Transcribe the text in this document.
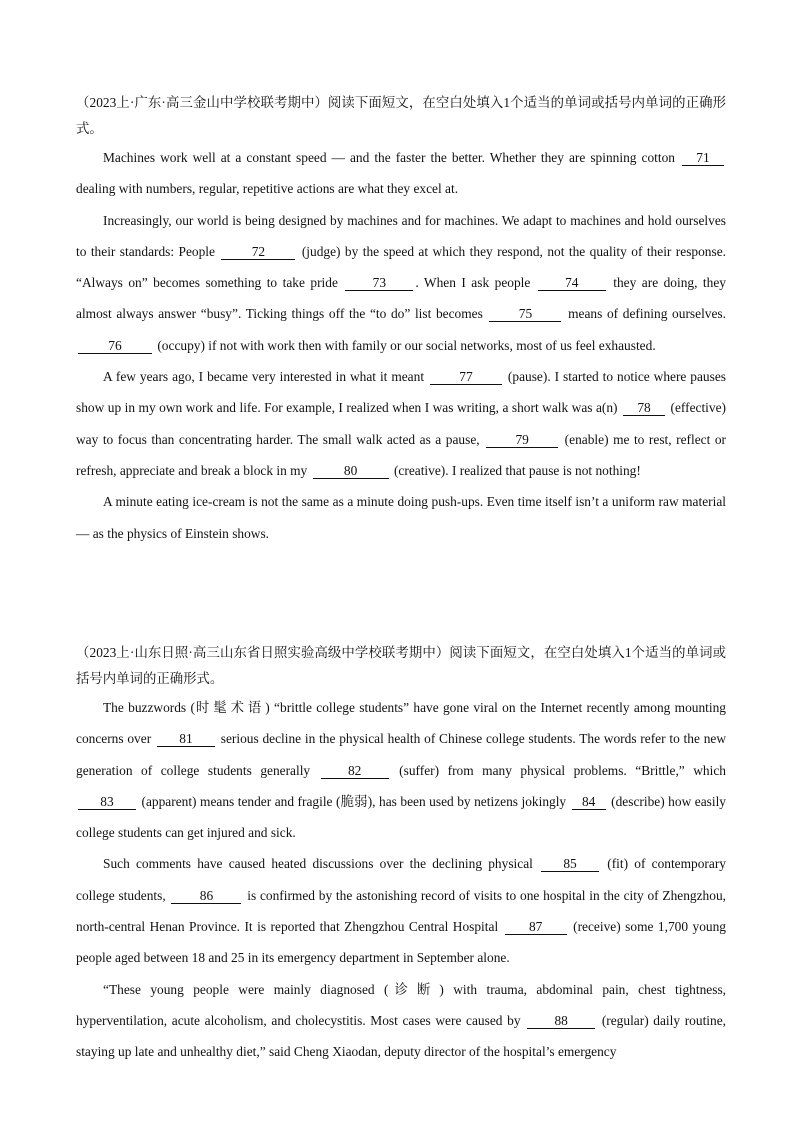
（2023上·广东·高三金山中学校联考期中）阅读下面短文，在空白处填入1个适当的单词或括号内单词的正确形式。

Machines work well at a constant speed — and the faster the better. Whether they are spinning cotton 71 dealing with numbers, regular, repetitive actions are what they excel at.

Increasingly, our world is being designed by machines and for machines. We adapt to machines and hold ourselves to their standards: People 72 (judge) by the speed at which they respond, not the quality of their response. “Always on” becomes something to take pride 73 . When I ask people 74 they are doing, they almost always answer “busy”. Ticking things off the “to do” list becomes 75 means of defining ourselves. 76 (occupy) if not with work then with family or our social networks, most of us feel exhausted.

A few years ago, I became very interested in what it meant 77 (pause). I started to notice where pauses show up in my own work and life. For example, I realized when I was writing, a short walk was a(n) 78 (effective) way to focus than concentrating harder. The small walk acted as a pause, 79 (enable) me to rest, reflect or refresh, appreciate and break a block in my 80 (creative). I realized that pause is not nothing!

A minute eating ice-cream is not the same as a minute doing push-ups. Even time itself isn’t a uniform raw material — as the physics of Einstein shows.

（2023上·山东日照·高三山东省日照实验高级中学校联考期中）阅读下面短文，在空白处填入1个适当的单词或括号内单词的正确形式。

The buzzwords (时髦术语) “brittle college students” have gone viral on the Internet recently among mounting concerns over 81 serious decline in the physical health of Chinese college students. The words refer to the new generation of college students generally 82 (suffer) from many physical problems. “Brittle,” which 83 (apparent) means tender and fragile (脆弱), has been used by netizens jokingly 84 (describe) how easily college students can get injured and sick.

Such comments have caused heated discussions over the declining physical 85 (fit) of contemporary college students, 86 is confirmed by the astonishing record of visits to one hospital in the city of Zhengzhou, north-central Henan Province. It is reported that Zhengzhou Central Hospital 87 (receive) some 1,700 young people aged between 18 and 25 in its emergency department in September alone.

“These young people were mainly diagnosed (诊断) with trauma, abdominal pain, chest tightness, hyperventilation, acute alcoholism, and cholecystitis. Most cases were caused by 88 (regular) daily routine, staying up late and unhealthy diet,” said Cheng Xiaodan, deputy director of the hospital’s emergency
